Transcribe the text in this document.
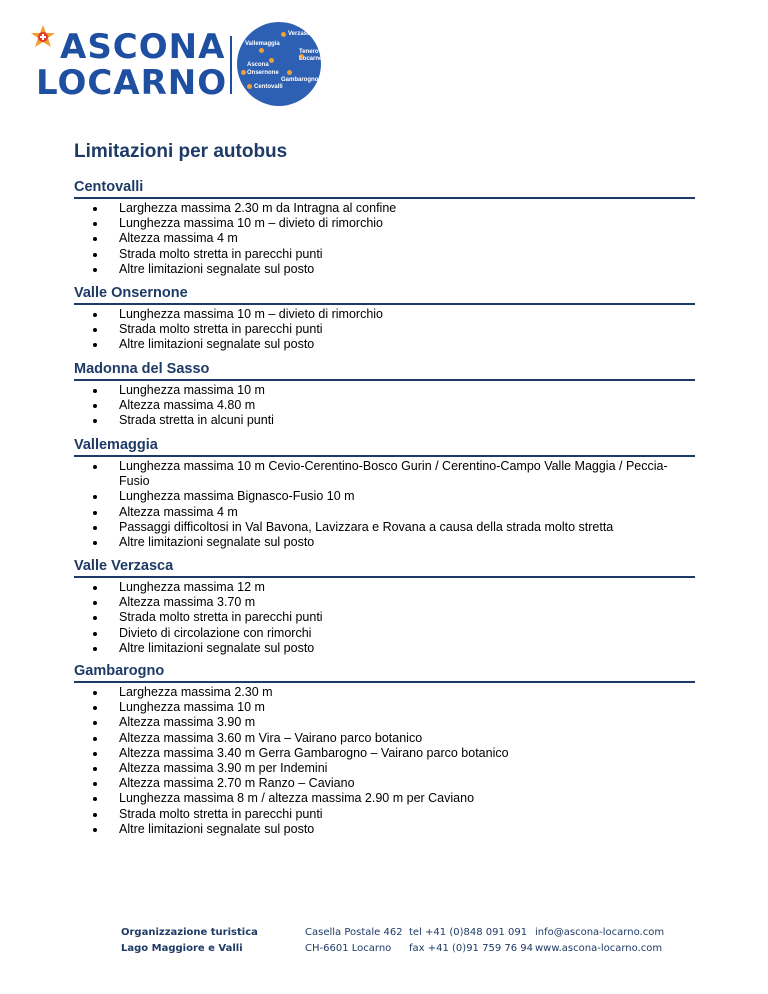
ASCONA
LOCARNO
Verzasca
Vallemaggia
Tenero
Locarno
Ascona
Onsernone
Gambarogno
Centovalli
Limitazioni per autobus
Centovalli
Larghezza massima 2.30 m da Intragna al confine
Lunghezza massima 10 m – divieto di rimorchio
Altezza massima 4 m
Strada molto stretta in parecchi punti
Altre limitazioni segnalate sul posto
Valle Onsernone
Lunghezza massima 10 m – divieto di rimorchio
Strada molto stretta in parecchi punti
Altre limitazioni segnalate sul posto
Madonna del Sasso
Lunghezza massima 10 m
Altezza massima 4.80 m
Strada stretta in alcuni punti
Vallemaggia
Lunghezza massima 10 m Cevio-Cerentino-Bosco Gurin / Cerentino-Campo Valle Maggia / Peccia-Fusio
Lunghezza massima Bignasco-Fusio 10 m
Altezza massima 4 m
Passaggi difficoltosi in Val Bavona, Lavizzara e Rovana a causa della strada molto stretta
Altre limitazioni segnalate sul posto
Valle Verzasca
Lunghezza massima 12 m
Altezza massima 3.70 m
Strada molto stretta in parecchi punti
Divieto di circolazione con rimorchi
Altre limitazioni segnalate sul posto
Gambarogno
Larghezza massima 2.30 m
Lunghezza massima 10 m
Altezza massima 3.90 m
Altezza massima 3.60 m Vira – Vairano parco botanico
Altezza massima 3.40 m Gerra Gambarogno – Vairano parco botanico
Altezza massima 3.90 m per Indemini
Altezza massima 2.70 m Ranzo – Caviano
Lunghezza massima 8 m / altezza massima 2.90 m per Caviano
Strada molto stretta in parecchi punti
Altre limitazioni segnalate sul posto
Organizzazione turistica
Lago Maggiore e Valli
Casella Postale 462
CH-6601 Locarno
tel +41 (0)848 091 091
fax +41 (0)91 759 76 94
info@ascona-locarno.com
www.ascona-locarno.com
